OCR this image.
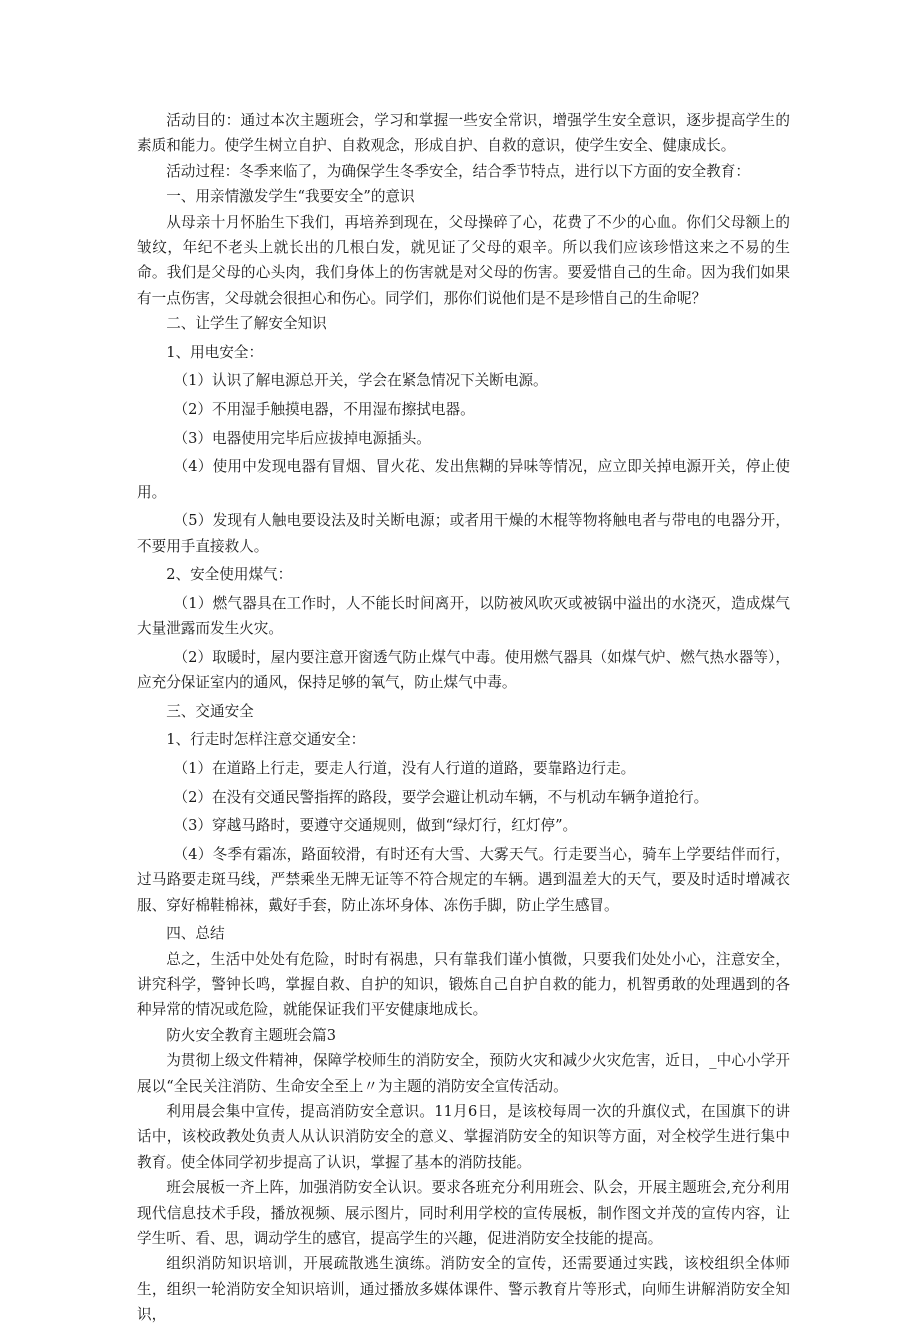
活动目的：通过本次主题班会，学习和掌握一些安全常识，增强学生安全意识，逐步提高学生的素质和能力。使学生树立自护、自救观念，形成自护、自救的意识，使学生安全、健康成长。

活动过程：冬季来临了，为确保学生冬季安全，结合季节特点，进行以下方面的安全教育：

一、用亲情激发学生“我要安全”的意识

从母亲十月怀胎生下我们，再培养到现在，父母操碎了心，花费了不少的心血。你们父母额上的皱纹，年纪不老头上就长出的几根白发，就见证了父母的艰辛。所以我们应该珍惜这来之不易的生命。我们是父母的心头肉，我们身体上的伤害就是对父母的伤害。要爱惜自己的生命。因为我们如果有一点伤害，父母就会很担心和伤心。同学们，那你们说他们是不是珍惜自己的生命呢？

二、让学生了解安全知识

1、用电安全：

（1）认识了解电源总开关，学会在紧急情况下关断电源。

（2）不用湿手触摸电器，不用湿布擦拭电器。

（3）电器使用完毕后应拔掉电源插头。

（4）使用中发现电器有冒烟、冒火花、发出焦糊的异味等情况，应立即关掉电源开关，停止使用。

（5）发现有人触电要设法及时关断电源；或者用干燥的木棍等物将触电者与带电的电器分开，不要用手直接救人。

2、安全使用煤气：

（1）燃气器具在工作时，人不能长时间离开，以防被风吹灭或被锅中溢出的水浇灭，造成煤气大量泄露而发生火灾。

（2）取暖时，屋内要注意开窗透气防止煤气中毒。使用燃气器具（如煤气炉、燃气热水器等），应充分保证室内的通风，保持足够的氧气，防止煤气中毒。

三、交通安全

1、行走时怎样注意交通安全：

（1）在道路上行走，要走人行道，没有人行道的道路，要靠路边行走。

（2）在没有交通民警指挥的路段，要学会避让机动车辆，不与机动车辆争道抢行。

（3）穿越马路时，要遵守交通规则，做到“绿灯行，红灯停”。

（4）冬季有霜冻，路面较滑，有时还有大雪、大雾天气。行走要当心，骑车上学要结伴而行，过马路要走斑马线，严禁乘坐无牌无证等不符合规定的车辆。遇到温差大的天气，要及时适时增减衣服、穿好棉鞋棉袜，戴好手套，防止冻坏身体、冻伤手脚，防止学生感冒。

四、总结

总之，生活中处处有危险，时时有祸患，只有靠我们谨小慎微，只要我们处处小心，注意安全，讲究科学，警钟长鸣，掌握自救、自护的知识，锻炼自己自护自救的能力，机智勇敢的处理遇到的各种异常的情况或危险，就能保证我们平安健康地成长。

防火安全教育主题班会篇3

为贯彻上级文件精神，保障学校师生的消防安全，预防火灾和减少火灾危害，近日，_中心小学开展以“全民关注消防、生命安全至上〃为主题的消防安全宣传活动。

利用晨会集中宣传，提高消防安全意识。11月6日，是该校每周一次的升旗仪式，在国旗下的讲话中，该校政教处负责人从认识消防安全的意义、掌握消防安全的知识等方面，对全校学生进行集中教育。使全体同学初步提高了认识，掌握了基本的消防技能。

班会展板一齐上阵，加强消防安全认识。要求各班充分利用班会、队会，开展主题班会,充分利用现代信息技术手段，播放视频、展示图片，同时利用学校的宣传展板，制作图文并茂的宣传内容，让学生听、看、思，调动学生的感官，提高学生的兴趣，促进消防安全技能的提高。

组织消防知识培训，开展疏散逃生演练。消防安全的宣传，还需要通过实践，该校组织全体师生，组织一轮消防安全知识培训，通过播放多媒体课件、警示教育片等形式，向师生讲解消防安全知识，
